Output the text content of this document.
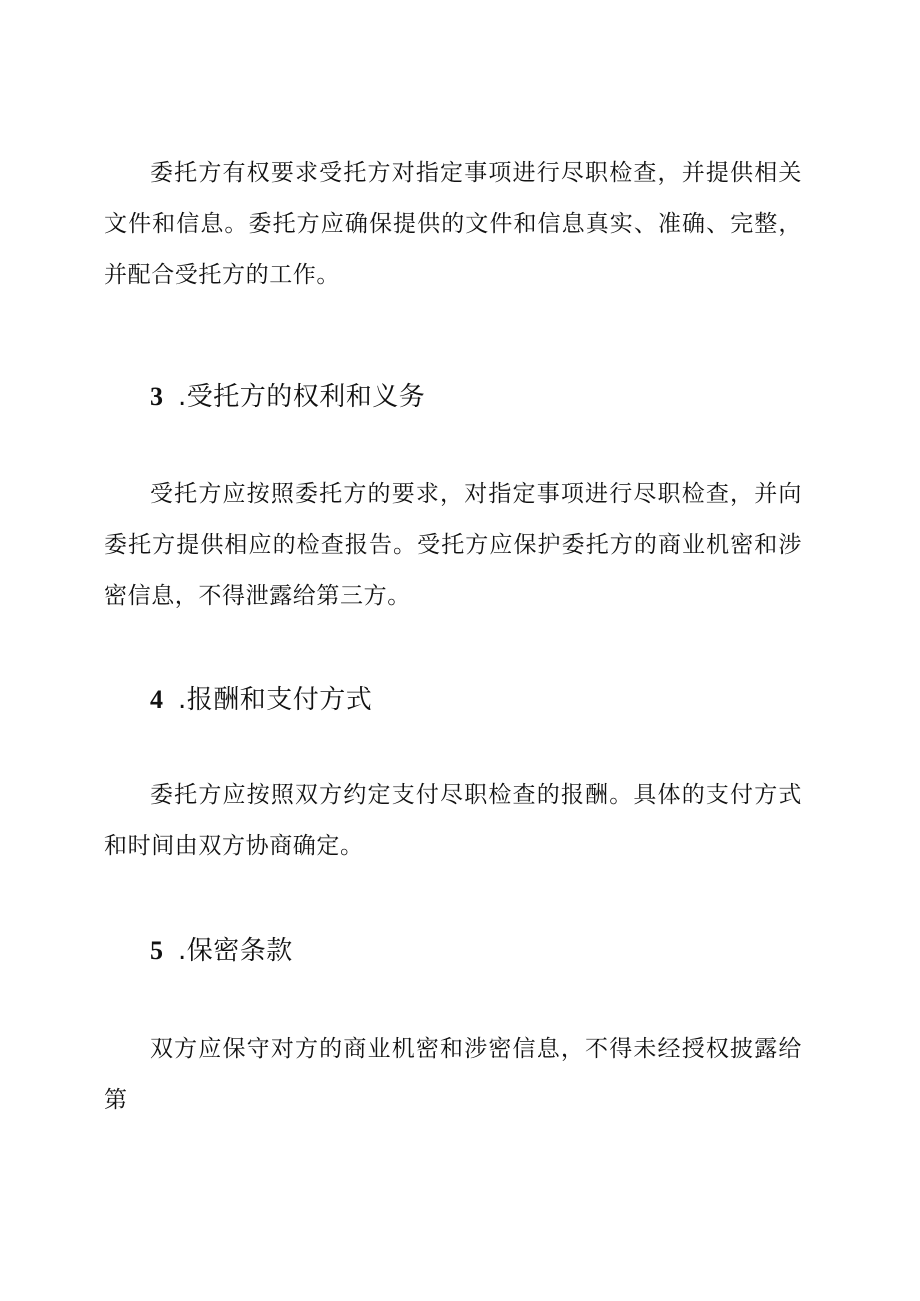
委托方有权要求受托方对指定事项进行尽职检查，并提供相关文件和信息。委托方应确保提供的文件和信息真实、准确、完整，并配合受托方的工作。

3 .受托方的权利和义务

受托方应按照委托方的要求，对指定事项进行尽职检查，并向委托方提供相应的检查报告。受托方应保护委托方的商业机密和涉密信息，不得泄露给第三方。

4 .报酬和支付方式

委托方应按照双方约定支付尽职检查的报酬。具体的支付方式和时间由双方协商确定。

5 .保密条款

双方应保守对方的商业机密和涉密信息，不得未经授权披露给第
